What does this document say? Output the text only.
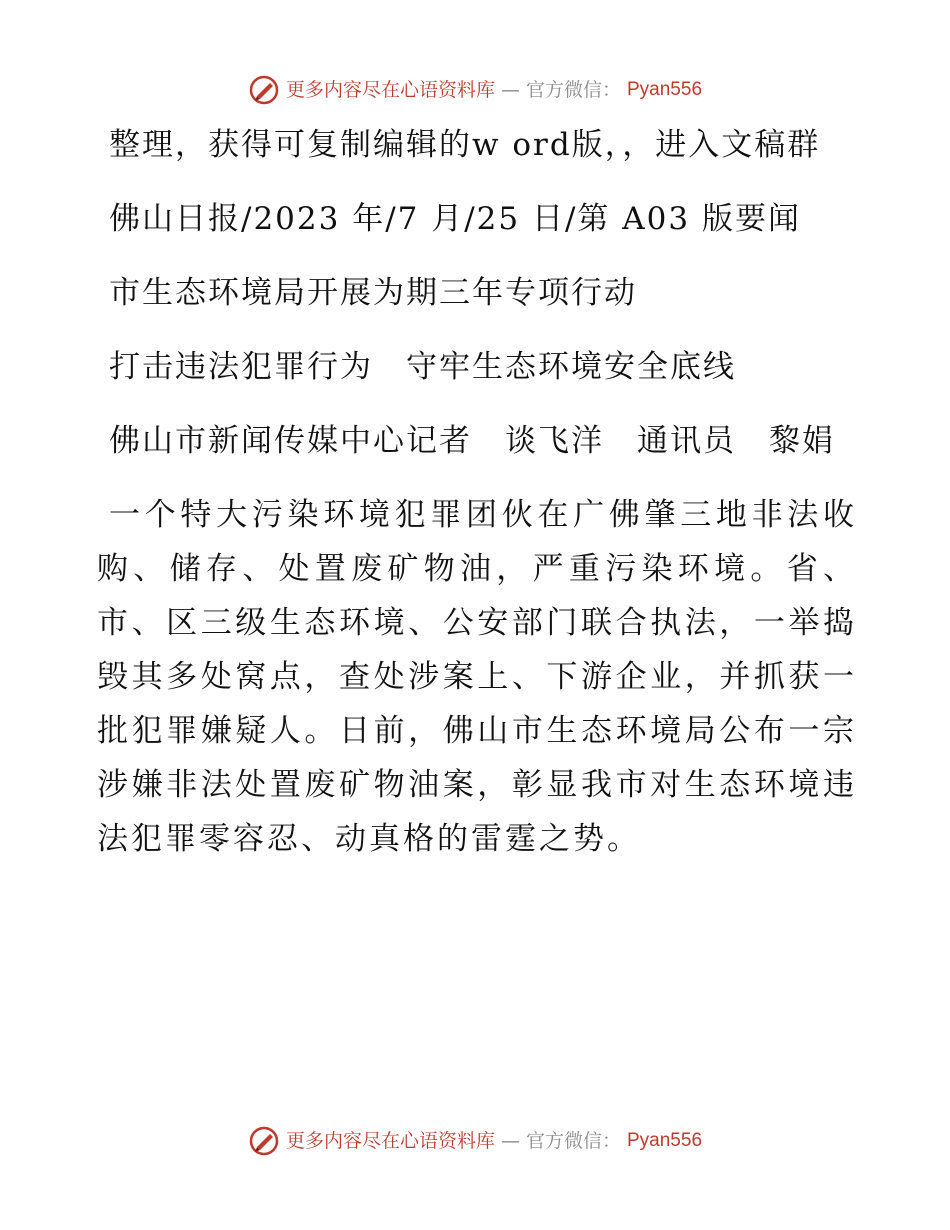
更多内容尽在心语资料库 — 官方微信： Pyan556

整理，获得可复制编辑的w ord版，，进入文稿群

佛山日报/2023 年/7 月/25 日/第 A03 版要闻

市生态环境局开展为期三年专项行动

打击违法犯罪行为　守牢生态环境安全底线

佛山市新闻传媒中心记者　谈飞洋　通讯员　黎娟

一个特大污染环境犯罪团伙在广佛肇三地非法收购、储存、处置废矿物油，严重污染环境。省、市、区三级生态环境、公安部门联合执法，一举捣毁其多处窝点，查处涉案上、下游企业，并抓获一批犯罪嫌疑人。日前，佛山市生态环境局公布一宗涉嫌非法处置废矿物油案，彰显我市对生态环境违法犯罪零容忍、动真格的雷霆之势。

更多内容尽在心语资料库 — 官方微信： Pyan556
